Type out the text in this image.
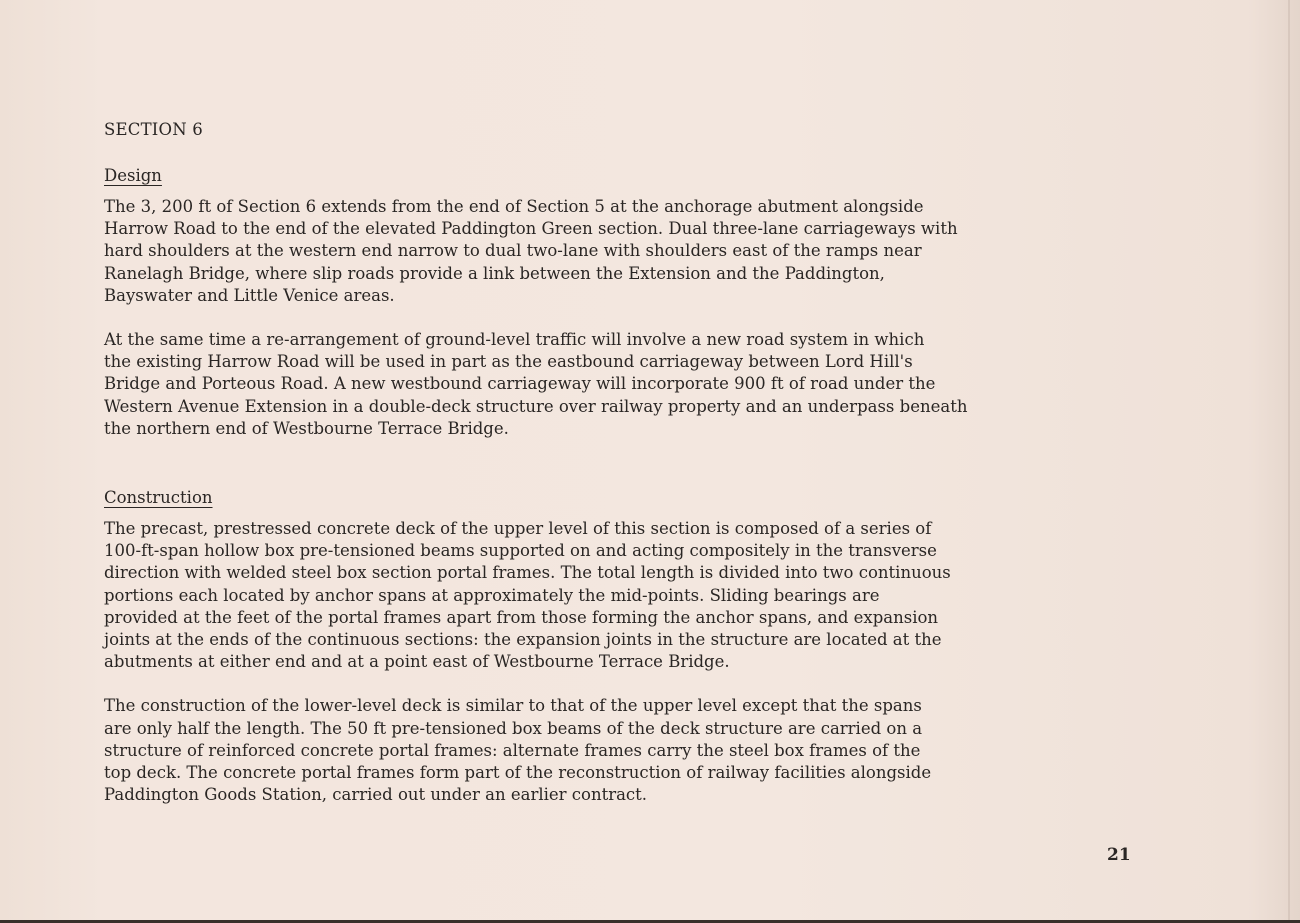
SECTION 6
Design
The 3, 200 ft of Section 6 extends from the end of Section 5 at the anchorage abutment alongside
Harrow Road to the end of the elevated Paddington Green section. Dual three-lane carriageways with
hard shoulders at the western end narrow to dual two-lane with shoulders east of the ramps near
Ranelagh Bridge, where slip roads provide a link between the Extension and the Paddington,
Bayswater and Little Venice areas.
At the same time a re-arrangement of ground-level traffic will involve a new road system in which
the existing Harrow Road will be used in part as the eastbound carriageway between Lord Hill's
Bridge and Porteous Road. A new westbound carriageway will incorporate 900 ft of road under the
Western Avenue Extension in a double-deck structure over railway property and an underpass beneath
the northern end of Westbourne Terrace Bridge.
Construction
The precast, prestressed concrete deck of the upper level of this section is composed of a series of
100-ft-span hollow box pre-tensioned beams supported on and acting compositely in the transverse
direction with welded steel box section portal frames. The total length is divided into two continuous
portions each located by anchor spans at approximately the mid-points. Sliding bearings are
provided at the feet of the portal frames apart from those forming the anchor spans, and expansion
joints at the ends of the continuous sections: the expansion joints in the structure are located at the
abutments at either end and at a point east of Westbourne Terrace Bridge.
The construction of the lower-level deck is similar to that of the upper level except that the spans
are only half the length. The 50 ft pre-tensioned box beams of the deck structure are carried on a
structure of reinforced concrete portal frames: alternate frames carry the steel box frames of the
top deck. The concrete portal frames form part of the reconstruction of railway facilities alongside
Paddington Goods Station, carried out under an earlier contract.
21
